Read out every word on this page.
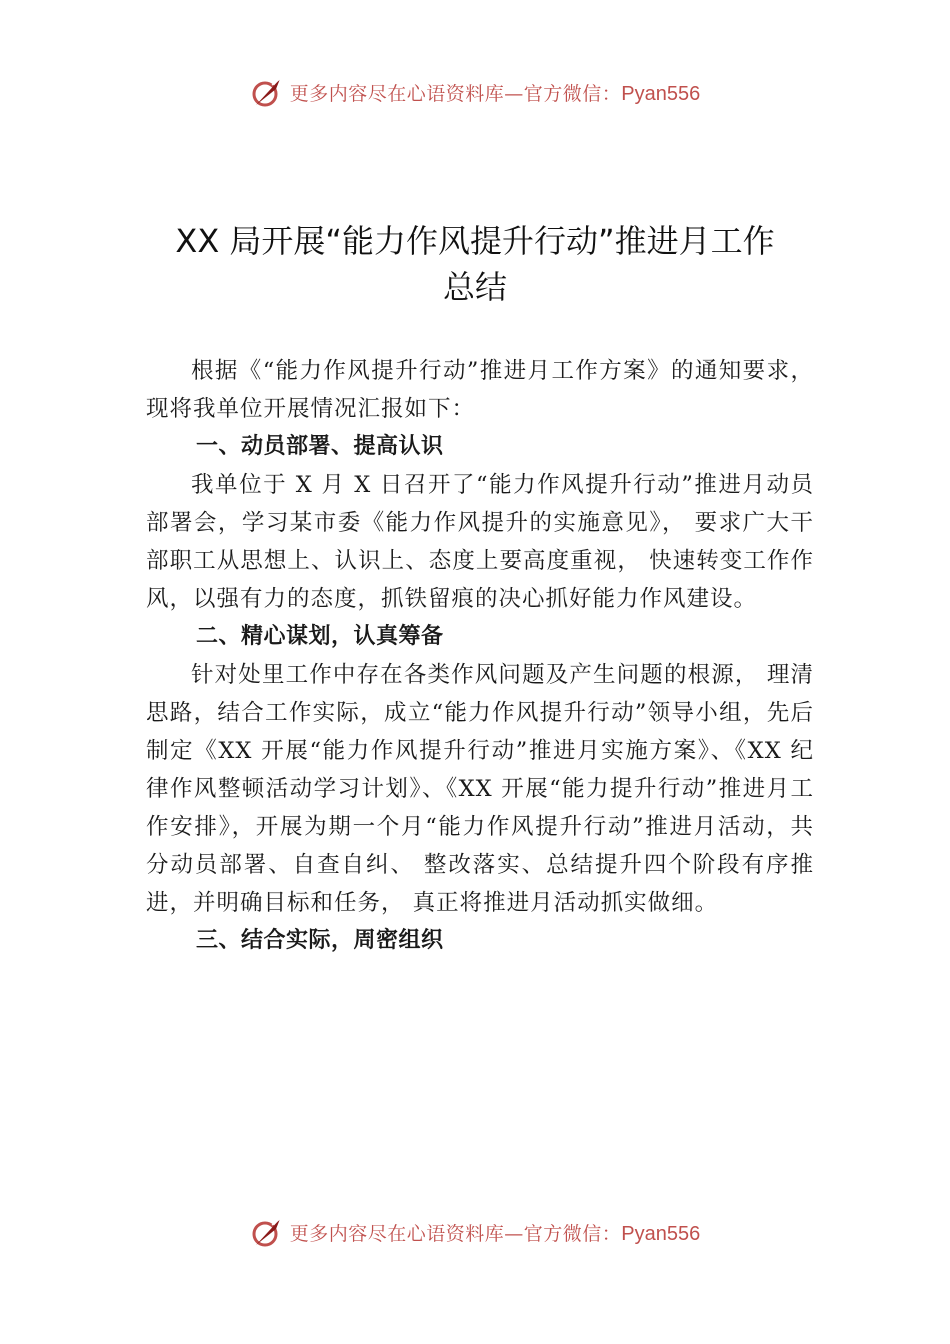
更多内容尽在心语资料库—官方微信：Pyan556
XX 局开展“能力作风提升行动”推进月工作
总结

根据《“能力作风提升行动”推进月工作方案》的通知要求，现将我单位开展情况汇报如下：

一、动员部署、提高认识

我单位于 X 月 X 日召开了“能力作风提升行动”推进月动员部署会，学习某市委《能力作风提升的实施意见》， 要求广大干部职工从思想上、认识上、态度上要高度重视， 快速转变工作作风，以强有力的态度，抓铁留痕的决心抓好能力作风建设。

二、精心谋划，认真筹备

针对处里工作中存在各类作风问题及产生问题的根源， 理清思路，结合工作实际，成立“能力作风提升行动”领导小组，先后制定《XX 开展“能力作风提升行动”推进月实施方案》、《XX 纪律作风整顿活动学习计划》、《XX 开展“能力提升行动”推进月工作安排》，开展为期一个月“能力作风提升行动”推进月活动，共分动员部署、自查自纠、 整改落实、总结提升四个阶段有序推进，并明确目标和任务， 真正将推进月活动抓实做细。

三、结合实际，周密组织

更多内容尽在心语资料库—官方微信：Pyan556
